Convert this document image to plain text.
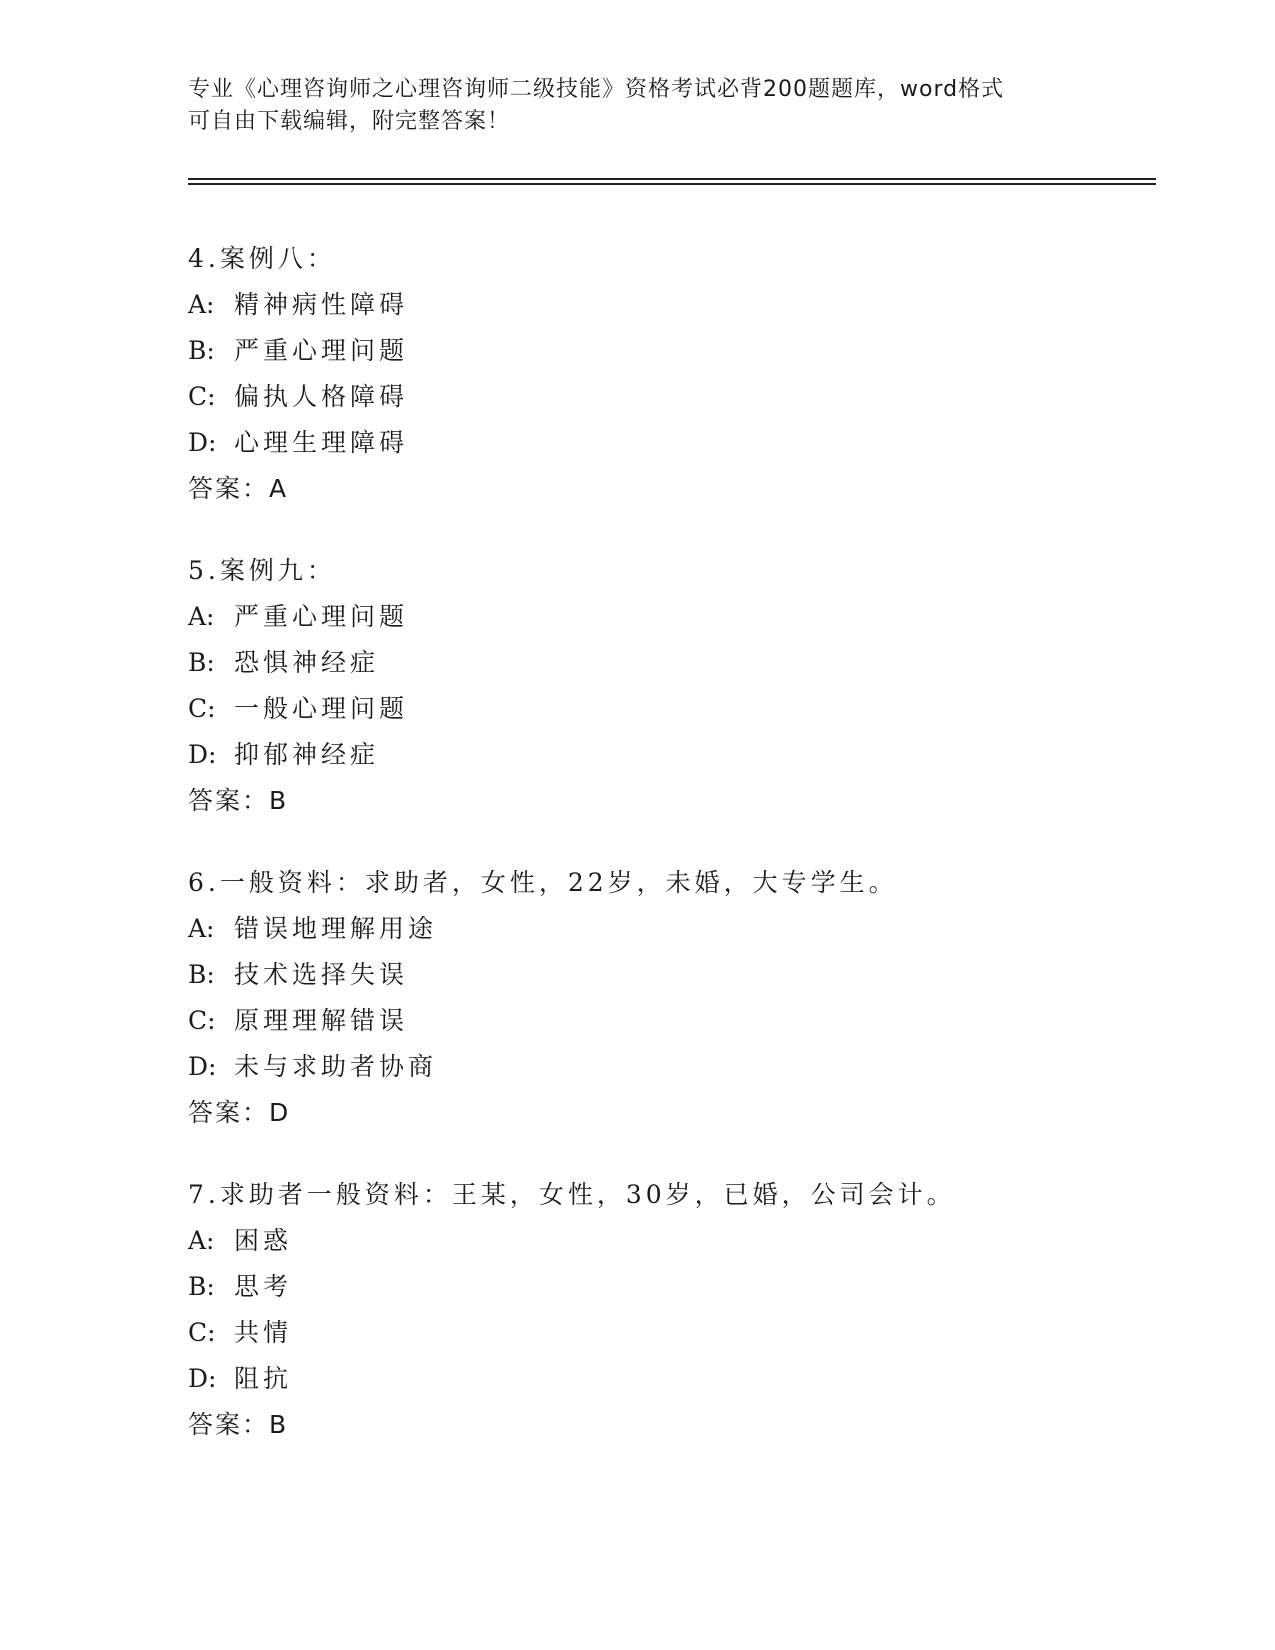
专业《心理咨询师之心理咨询师二级技能》资格考试必背200题题库，word格式
可自由下载编辑，附完整答案！
4.案例八：
A: 精神病性障碍
B: 严重心理问题
C: 偏执人格障碍
D: 心理生理障碍
答案：A
5.案例九：
A: 严重心理问题
B: 恐惧神经症
C: 一般心理问题
D: 抑郁神经症
答案：B
6.一般资料：求助者，女性，22岁，未婚，大专学生。
A: 错误地理解用途
B: 技术选择失误
C: 原理理解错误
D: 未与求助者协商
答案：D
7.求助者一般资料：王某，女性，30岁，已婚，公司会计。
A: 困惑
B: 思考
C: 共情
D: 阻抗
答案：B
